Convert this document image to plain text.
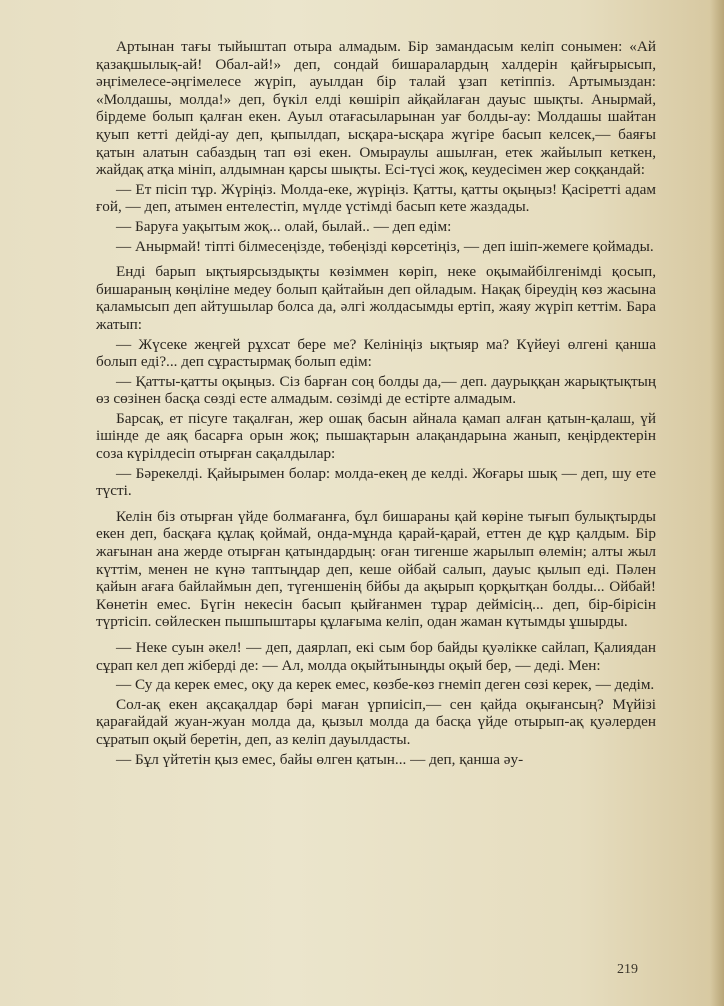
Артынан тағы тыйыштап отыра алмадым. Бір замандасым келіп сонымен: «Ай қазақшылық-ай! Обал-ай!» деп, сондай бишаралардың халдерін қайғырысып, әңгімелесе-әңгімелесе жүріп, ауылдан бір талай ұзап кетіппіз. Артымыздан: «Молдашы, молда!» деп, бүкіл елді көшіріп айқайлаған дауыс шықты. Анырмай, бірдеме болып қалған екен. Ауыл отағасыларынан уағ болды-ау: Молдашы шайтан қуып кетті дейді-ау деп, қыпылдап, ысқара-ысқара жүгіре басып келсек,— баяғы қатын алатын сабаздың тап өзі екен. Омыраулы ашылған, етек жайылып кеткен, жайдақ атқа мініп, алдымнан қарсы шықты. Есі-түсі жоқ, кеудесімен жер соққандай:

— Ет пісіп тұр. Жүріңіз. Молда-еке, жүріңіз. Қатты, қатты оқыңыз! Қасіретті адам ғой, — деп, атымен ентелестіп, мүлде үстімді басып кете жаздады.

— Баруға уақытым жоқ... олай, былай.. — деп едім:

— Анырмай! тіпті білмесеңізде, төбеңізді көрсетіңіз, — деп ішіп-жемеге қоймады.

Енді барып ықтыярсыздықты көзіммен көріп, неке оқымайбілгенімді қосып, бишараның көңіліне медеу болып қайтайын деп ойладым. Нақақ біреудің көз жасына қаламысып деп айтушылар болса да, әлгі жолдасымды ертіп, жаяу жүріп кеттім. Бара жатып:

— Жүсеке жеңгей рұхсат бере ме? Келініңіз ықтыяр ма? Күйеуі өлгені қанша болып еді?... деп сұрастырмақ болып едім:

— Қатты-қатты оқыңыз. Сіз барған соң болды да,— деп. даурыққан жарықтықтың өз сөзінен басқа сөзді есте алмадым. сөзімді де естірте алмадым.

Барсақ, ет пісуге тақалған, жер ошақ басын айнала қамап алған қатын-қалаш, үй ішінде де аяқ басарға орын жоқ; пышақтарын алақандарына жанып, кеңірдектерін соза күрілдесіп отырған сақалдылар:

— Бәрекелді. Қайырымен болар: молда-екең де келді. Жоғары шық — деп, шу ете түсті.

Келін біз отырған үйде болмағанға, бұл бишараны қай көріне тығып булықтырды екен деп, басқаға құлақ қоймай, онда-мұнда қарай-қарай, еттен де құр қалдым. Бір жағынан ана жерде отырған қатындардың: оған тигенше жарылып өлемін; алты жыл күттім, менен не күнә таптыңдар деп, кеше ойбай салып, дауыс қылып еді. Пәлен қайын ағаға байлаймын деп, түгеншенің бйбы да ақырып қорқытқан болды... Ойбай! Көнетін емес. Бүгін некесін басып қыйғанмен тұрар деймісің... деп, бір-бірісін түртісіп. сөйлескен пышпыштары құлағыма келіп, одан жаман күтымды ұшырды.

— Неке суын әкел! — деп, даярлап, екі сым бор байды қуәлікке сайлап, Қалиядан сұрап кел деп жіберді де: — Ал, молда оқыйтыныңды оқый бер, — деді. Мен:

— Су да керек емес, оқу да керек емес, көзбе-көз гнеміп деген сөзі керек, — дедім.

Сол-ақ екен ақсақалдар бәрі маған үрпиісіп,— сен қайда оқығансың? Мүйізі қарағайдай жуан-жуан молда да, қызыл молда да басқа үйде отырып-ақ қуәлерден сұратып оқый беретін, деп, аз келіп дауылдасты.

— Бұл үйтетін қыз емес, байы өлген қатын... — деп, қанша әу-

219
